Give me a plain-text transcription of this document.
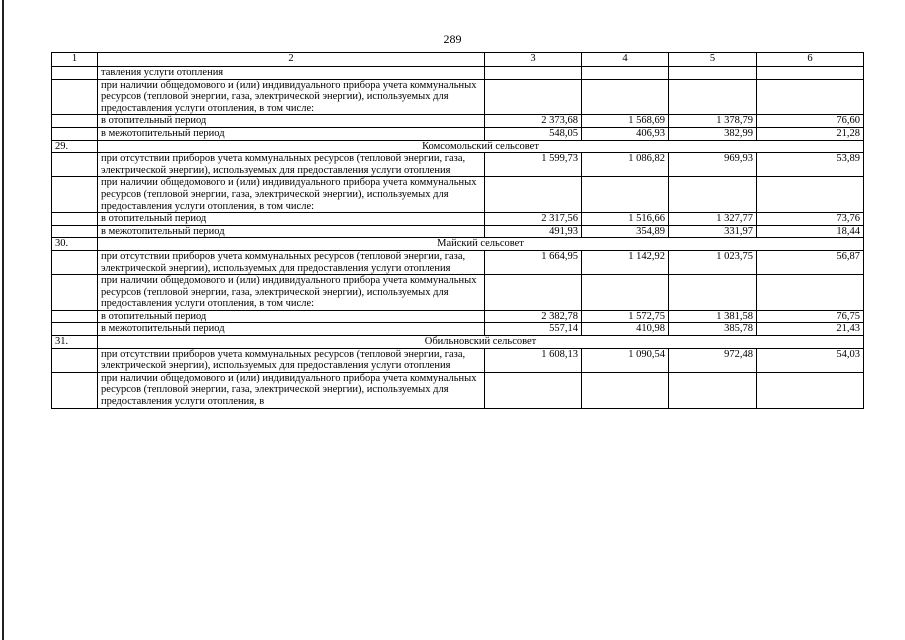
289
1	2	3	4	5	6
	тавления услуги отопления				
	при наличии общедомового и (или) индивидуального прибора учета коммунальных ресурсов (тепловой энергии, газа, электрической энергии), используемых для предоставления услуги отопления, в том числе:				
	в отопительный период	2 373,68	1 568,69	1 378,79	76,60
	в межотопительный период	548,05	406,93	382,99	21,28
29.	Комсомольский сельсовет				
	при отсутствии приборов учета коммунальных ресурсов (тепловой энергии, газа, электрической энергии), используемых для предоставления услуги отопления	1 599,73	1 086,82	969,93	53,89
	при наличии общедомового и (или) индивидуального прибора учета коммунальных ресурсов (тепловой энергии, газа, электрической энергии), используемых для предоставления услуги отопления, в том числе:				
	в отопительный период	2 317,56	1 516,66	1 327,77	73,76
	в межотопительный период	491,93	354,89	331,97	18,44
30.	Майский сельсовет				
	при отсутствии приборов учета коммунальных ресурсов (тепловой энергии, газа, электрической энергии), используемых для предоставления услуги отопления	1 664,95	1 142,92	1 023,75	56,87
	при наличии общедомового и (или) индивидуального прибора учета коммунальных ресурсов (тепловой энергии, газа, электрической энергии), используемых для предоставления услуги отопления, в том числе:				
	в отопительный период	2 382,78	1 572,75	1 381,58	76,75
	в межотопительный период	557,14	410,98	385,78	21,43
31.	Обильновский сельсовет				
	при отсутствии приборов учета коммунальных ресурсов (тепловой энергии, газа, электрической энергии), используемых для предоставления услуги отопления	1 608,13	1 090,54	972,48	54,03
	при наличии общедомового и (или) индивидуального прибора учета коммунальных ресурсов (тепловой энергии, газа, электрической энергии), используемых для предоставления услуги отопления, в				
